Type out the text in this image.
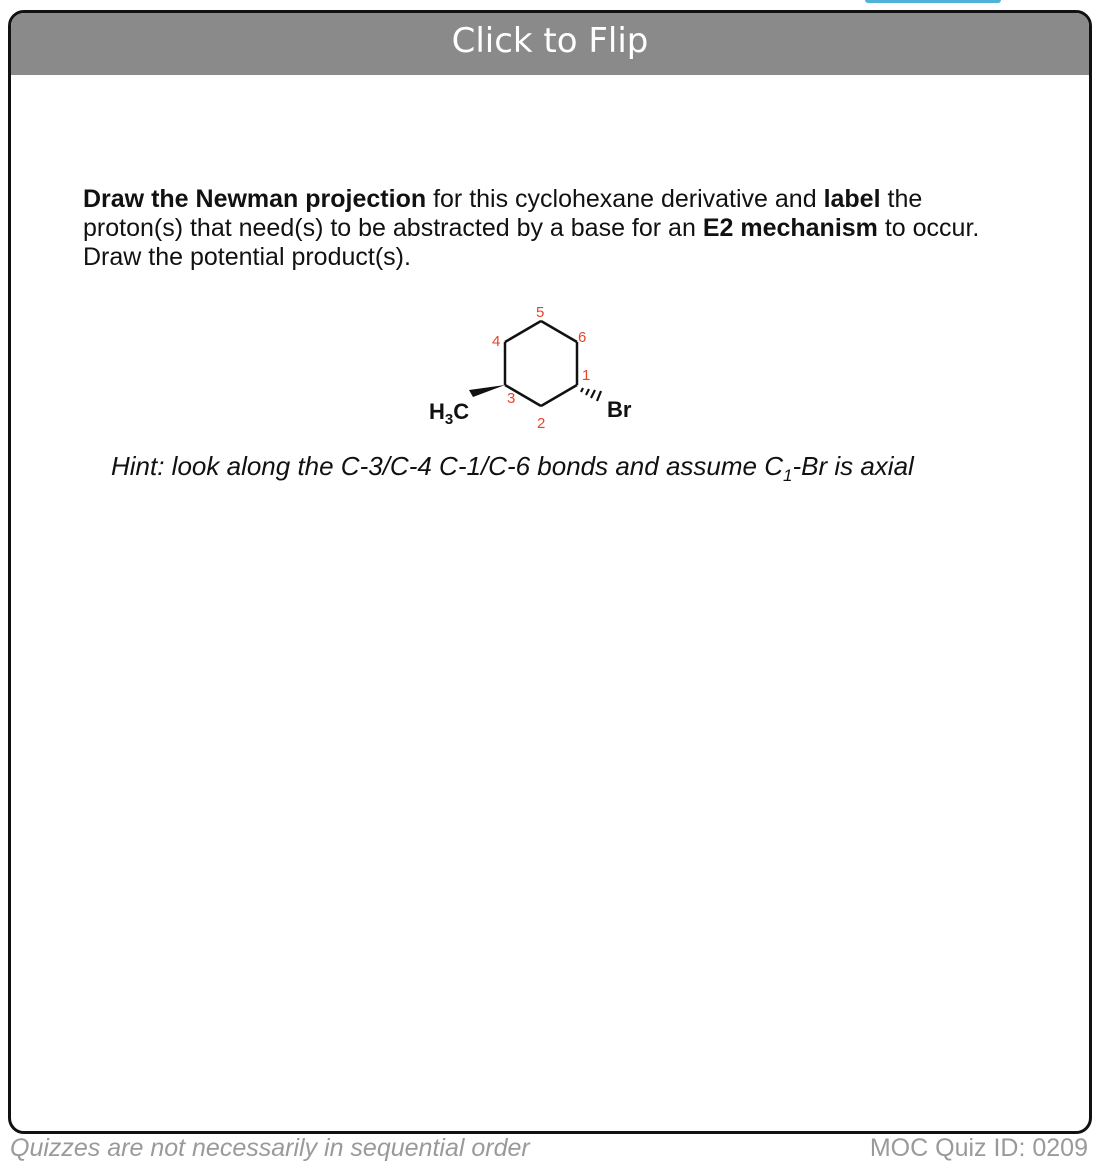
Click to Flip

Draw the Newman projection for this cyclohexane derivative and label the proton(s) that need(s) to be abstracted by a base for an E2 mechanism to occur. Draw the potential product(s).

$H_3C$	Br
1
2
3
4
5
6
Hint: look along the C-3/C-4 C-1/C-6 bonds and assume $C_1-Br$ is axial
Quizzes are not necessarily in sequential order	MOC Quiz ID: 0209
